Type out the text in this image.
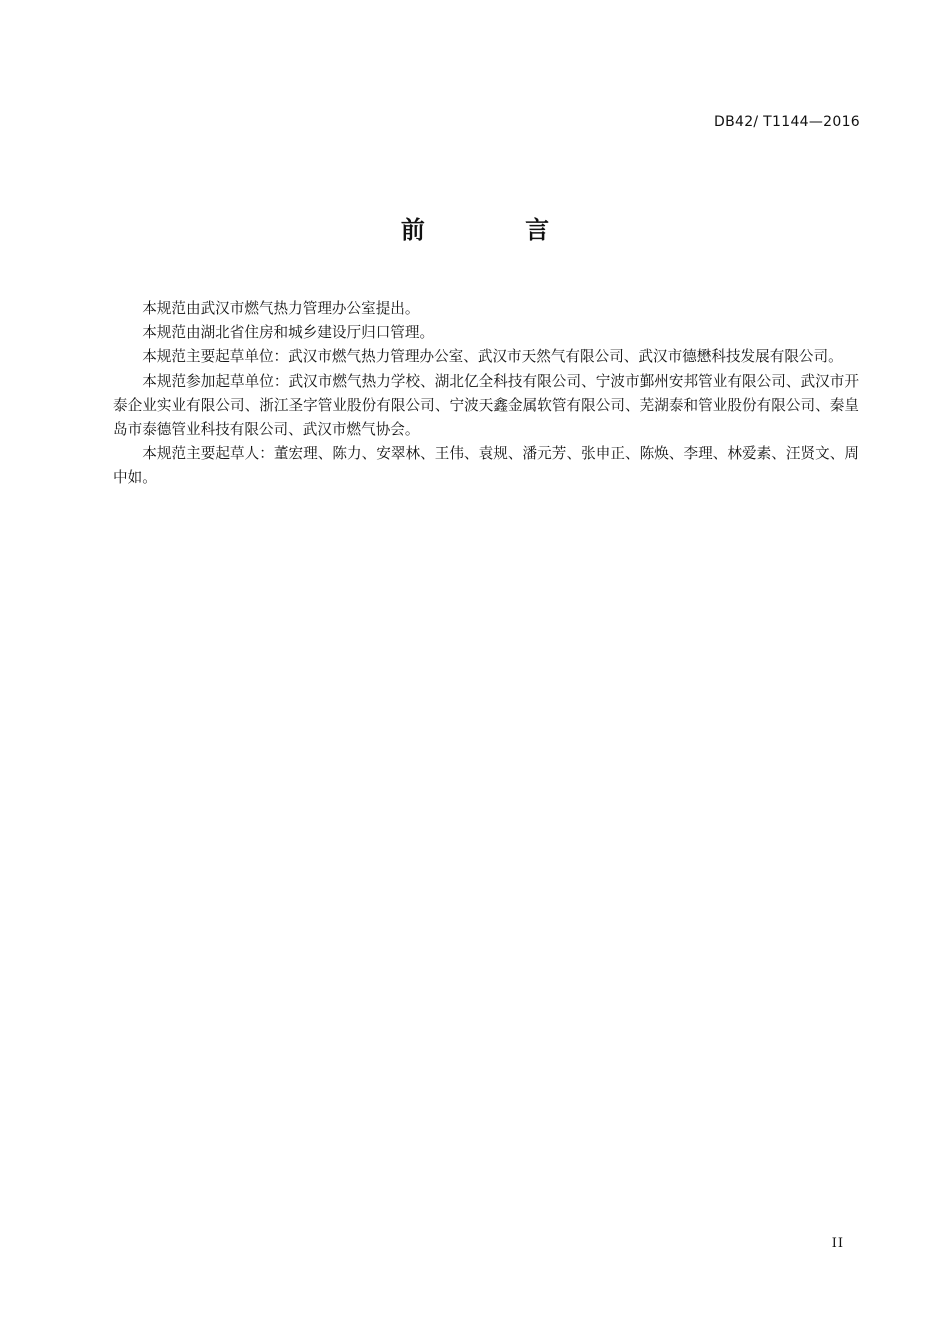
DB42/ T1144—2016
前 言

本规范由武汉市燃气热力管理办公室提出。

本规范由湖北省住房和城乡建设厅归口管理。

本规范主要起草单位：武汉市燃气热力管理办公室、武汉市天然气有限公司、武汉市德懋科技发展有限公司。

本规范参加起草单位：武汉市燃气热力学校、湖北亿全科技有限公司、宁波市鄞州安邦管业有限公司、武汉市开泰企业实业有限公司、浙江圣字管业股份有限公司、宁波天鑫金属软管有限公司、芜湖泰和管业股份有限公司、秦皇岛市泰德管业科技有限公司、武汉市燃气协会。

本规范主要起草人：董宏理、陈力、安翠林、王伟、袁规、潘元芳、张申正、陈焕、李理、林爱素、汪贤文、周中如。

II
